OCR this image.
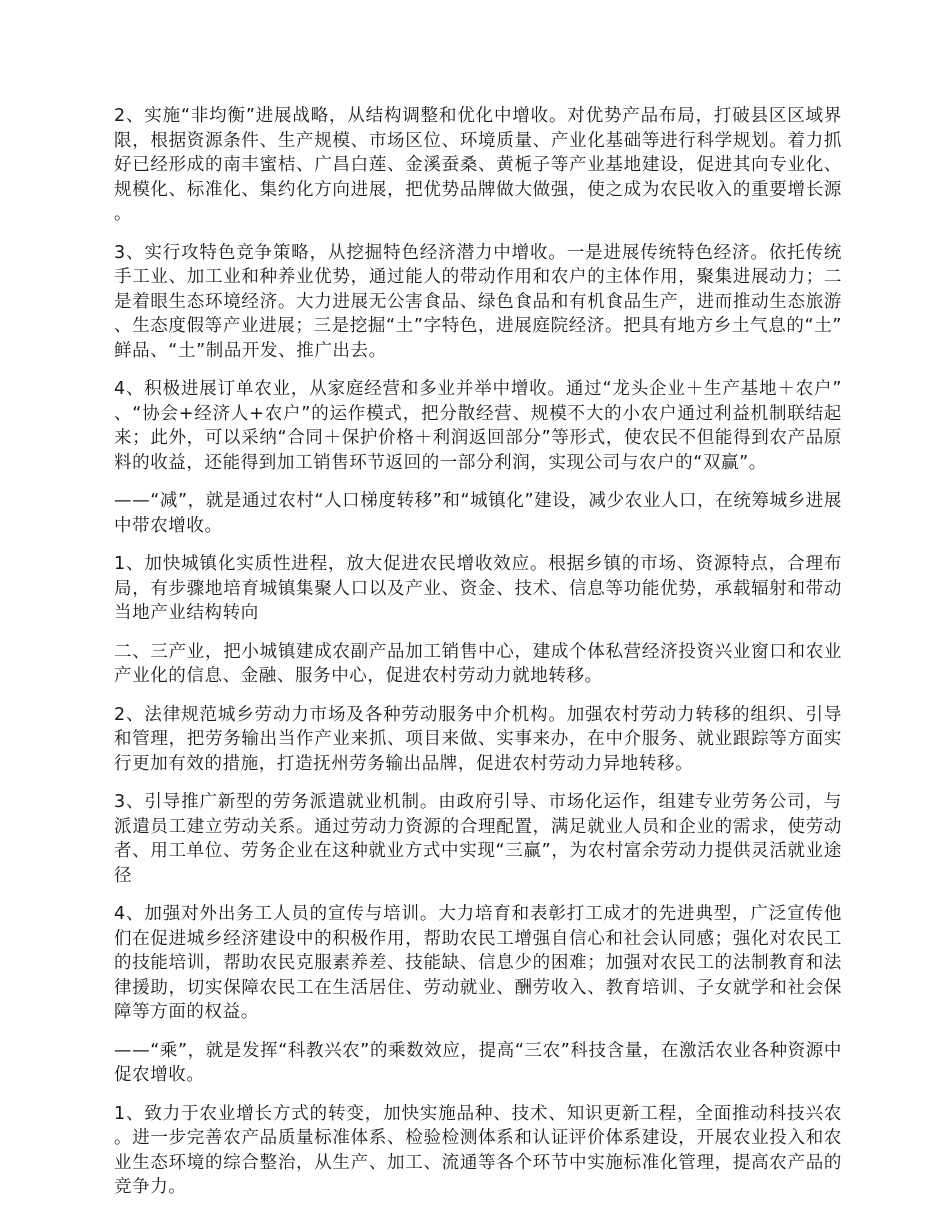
2、实施“非均衡”进展战略，从结构调整和优化中增收。对优势产品布局，打破县区区域界限，根据资源条件、生产规模、市场区位、环境质量、产业化基础等进行科学规划。着力抓好已经形成的南丰蜜桔、广昌白莲、金溪蚕桑、黄栀子等产业基地建设，促进其向专业化、规模化、标准化、集约化方向进展，把优势品牌做大做强，使之成为农民收入的重要增长源。

3、实行攻特色竞争策略，从挖掘特色经济潜力中增收。一是进展传统特色经济。依托传统手工业、加工业和种养业优势，通过能人的带动作用和农户的主体作用，聚集进展动力；二是着眼生态环境经济。大力进展无公害食品、绿色食品和有机食品生产，进而推动生态旅游、生态度假等产业进展；三是挖掘“土”字特色，进展庭院经济。把具有地方乡土气息的“土”鲜品、“土”制品开发、推广出去。

4、积极进展订单农业，从家庭经营和多业并举中增收。通过“龙头企业＋生产基地＋农户”、“协会+经济人+农户”的运作模式，把分散经营、规模不大的小农户通过利益机制联结起来；此外，可以采纳“合同＋保护价格＋利润返回部分”等形式，使农民不但能得到农产品原料的收益，还能得到加工销售环节返回的一部分利润，实现公司与农户的“双赢”。

——“减”，就是通过农村“人口梯度转移”和“城镇化”建设，减少农业人口，在统筹城乡进展中带农增收。

1、加快城镇化实质性进程，放大促进农民增收效应。根据乡镇的市场、资源特点，合理布局，有步骤地培育城镇集聚人口以及产业、资金、技术、信息等功能优势，承载辐射和带动当地产业结构转向

二、三产业，把小城镇建成农副产品加工销售中心，建成个体私营经济投资兴业窗口和农业产业化的信息、金融、服务中心，促进农村劳动力就地转移。

2、法律规范城乡劳动力市场及各种劳动服务中介机构。加强农村劳动力转移的组织、引导和管理，把劳务输出当作产业来抓、项目来做、实事来办，在中介服务、就业跟踪等方面实行更加有效的措施，打造抚州劳务输出品牌，促进农村劳动力异地转移。

3、引导推广新型的劳务派遣就业机制。由政府引导、市场化运作，组建专业劳务公司，与派遣员工建立劳动关系。通过劳动力资源的合理配置，满足就业人员和企业的需求，使劳动者、用工单位、劳务企业在这种就业方式中实现“三赢”，为农村富余劳动力提供灵活就业途径

4、加强对外出务工人员的宣传与培训。大力培育和表彰打工成才的先进典型，广泛宣传他们在促进城乡经济建设中的积极作用，帮助农民工增强自信心和社会认同感；强化对农民工的技能培训，帮助农民克服素养差、技能缺、信息少的困难；加强对农民工的法制教育和法律援助，切实保障农民工在生活居住、劳动就业、酬劳收入、教育培训、子女就学和社会保障等方面的权益。

——“乘”，就是发挥“科教兴农”的乘数效应，提高“三农”科技含量，在激活农业各种资源中促农增收。

1、致力于农业增长方式的转变，加快实施品种、技术、知识更新工程，全面推动科技兴农。进一步完善农产品质量标准体系、检验检测体系和认证评价体系建设，开展农业投入和农业生态环境的综合整治，从生产、加工、流通等各个环节中实施标准化管理，提高农产品的竞争力。
